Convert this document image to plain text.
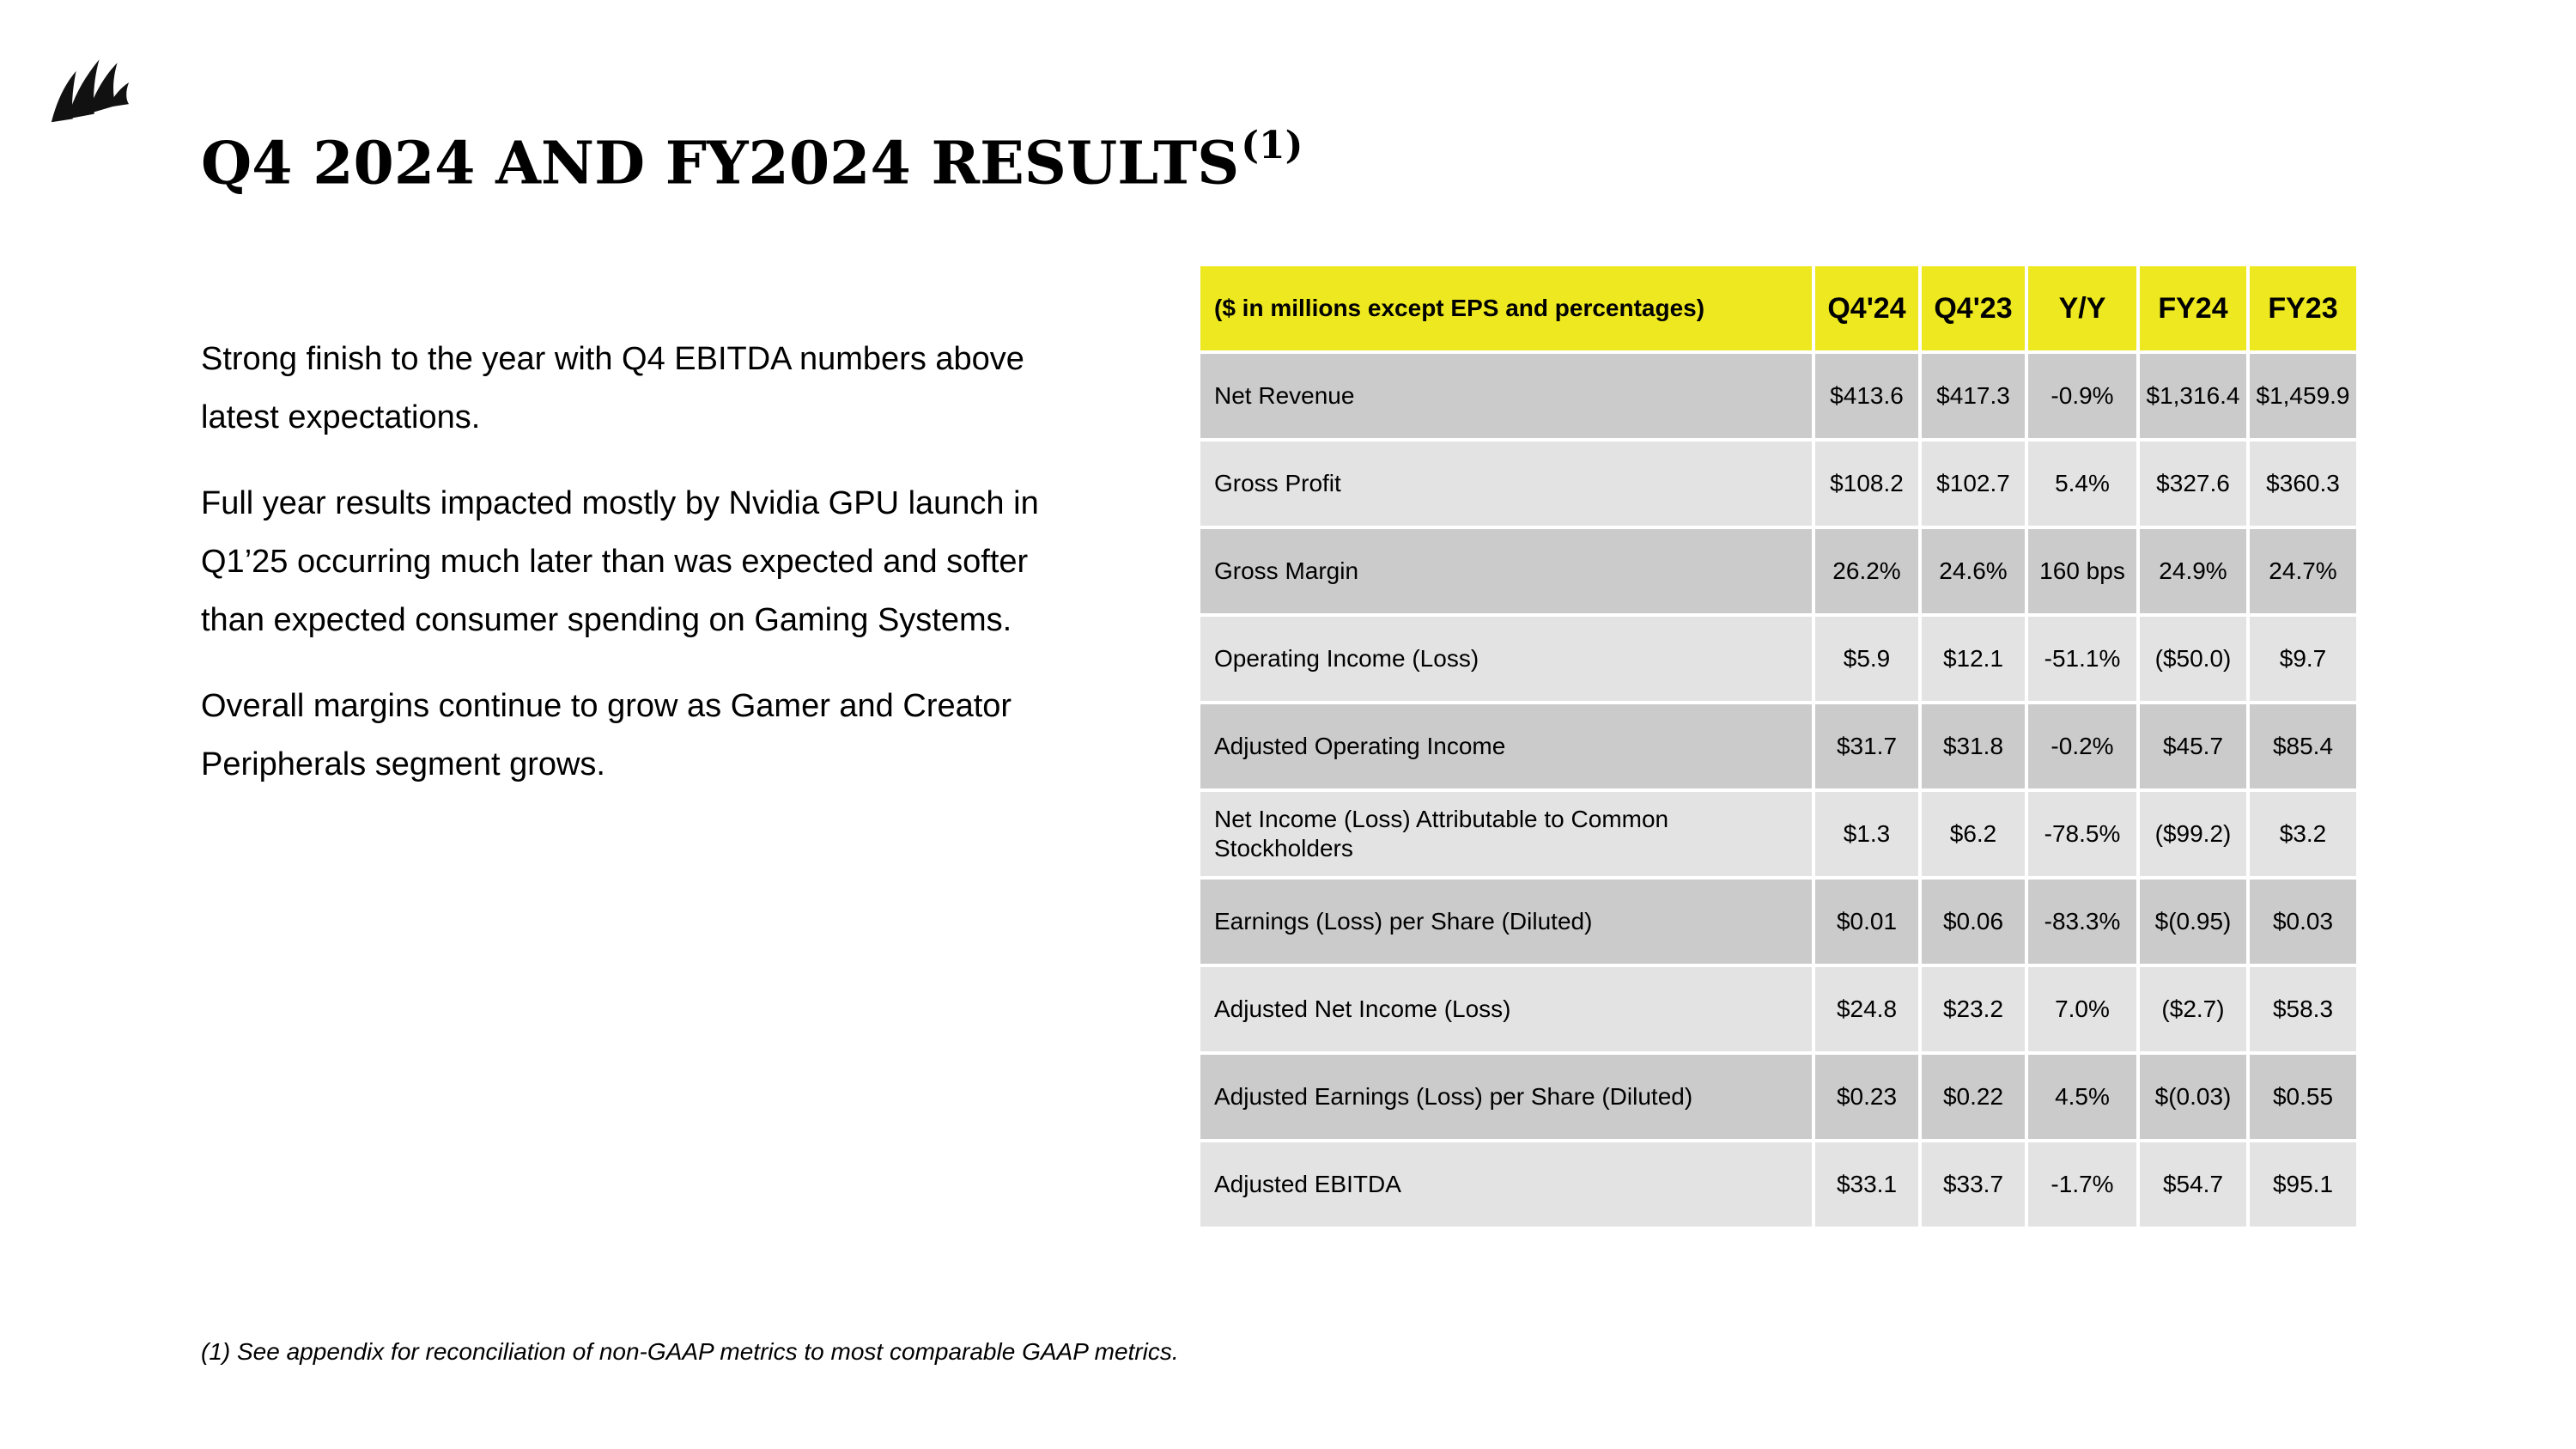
Q4 2024 AND FY2024 RESULTS$^{(1)}$

Strong finish to the year with Q4 EBITDA numbers above latest expectations.

Full year results impacted mostly by Nvidia GPU launch in Q1’25 occurring much later than was expected and softer than expected consumer spending on Gaming Systems.

Overall margins continue to grow as Gamer and Creator Peripherals segment grows.

($ in millions except EPS and percentages)	Q4'24	Q4'23	Y/Y	FY24	FY23
Net Revenue	$413.6	$417.3	-0.9%	$1,316.4	$1,459.9
Gross Profit	$108.2	$102.7	5.4%	$327.6	$360.3
Gross Margin	26.2%	24.6%	160 bps	24.9%	24.7%
Operating Income (Loss)	$5.9	$12.1	-51.1%	($50.0)	$9.7
Adjusted Operating Income	$31.7	$31.8	-0.2%	$45.7	$85.4
Net Income (Loss) Attributable to Common Stockholders	$1.3	$6.2	-78.5%	($99.2)	$3.2
Earnings (Loss) per Share (Diluted)	$0.01	$0.06	-83.3%	$(0.95)	$0.03
Adjusted Net Income (Loss)	$24.8	$23.2	7.0%	($2.7)	$58.3
Adjusted Earnings (Loss) per Share (Diluted)	$0.23	$0.22	4.5%	$(0.03)	$0.55
Adjusted EBITDA	$33.1	$33.7	-1.7%	$54.7	$95.1

(1) See appendix for reconciliation of non-GAAP metrics to most comparable GAAP metrics.
